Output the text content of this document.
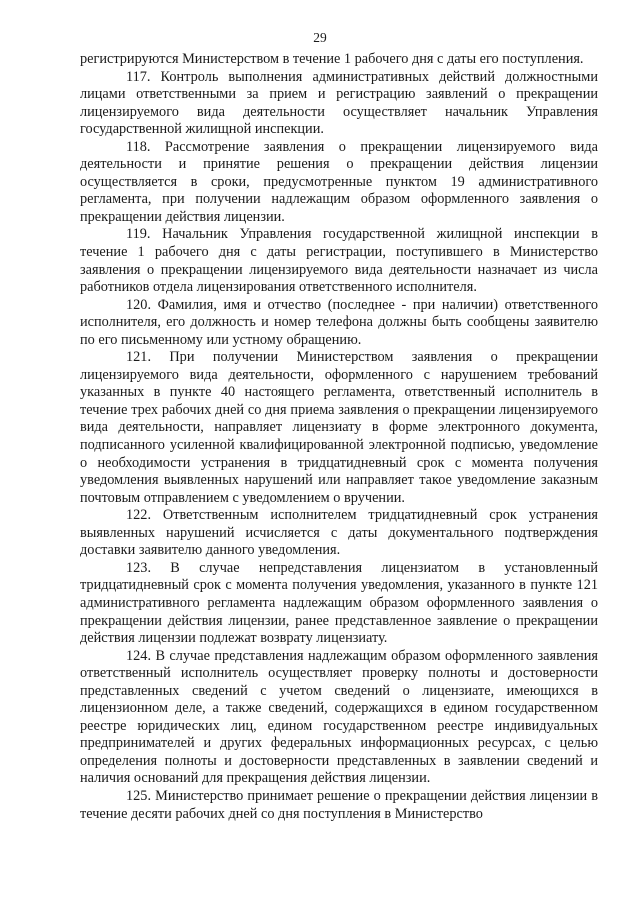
29

регистрируются Министерством в течение 1 рабочего дня с даты его поступления.

117. Контроль выполнения административных действий должностными лицами ответственными за прием и регистрацию заявлений о прекращении лицензируемого вида деятельности осуществляет начальник Управления государственной жилищной инспекции.

118. Рассмотрение заявления о прекращении лицензируемого вида деятельности и принятие решения о прекращении действия лицензии осуществляется в сроки, предусмотренные пунктом 19 административного регламента, при получении надлежащим образом оформленного заявления о прекращении действия лицензии.

119. Начальник Управления государственной жилищной инспекции в течение 1 рабочего дня с даты регистрации, поступившего в Министерство заявления о прекращении лицензируемого вида деятельности назначает из числа работников отдела лицензирования ответственного исполнителя.

120. Фамилия, имя и отчество (последнее - при наличии) ответственного исполнителя, его должность и номер телефона должны быть сообщены заявителю по его письменному или устному обращению.

121. При получении Министерством заявления о прекращении лицензируемого вида деятельности, оформленного с нарушением требований указанных в пункте 40 настоящего регламента, ответственный исполнитель в течение трех рабочих дней со дня приема заявления о прекращении лицензируемого вида деятельности, направляет лицензиату в форме электронного документа, подписанного усиленной квалифицированной электронной подписью, уведомление о необходимости устранения в тридцатидневный срок с момента получения уведомления выявленных нарушений или направляет такое уведомление заказным почтовым отправлением с уведомлением о вручении.

122. Ответственным исполнителем тридцатидневный срок устранения выявленных нарушений исчисляется с даты документального подтверждения доставки заявителю данного уведомления.

123. В случае непредставления лицензиатом в установленный тридцатидневный срок с момента получения уведомления, указанного в пункте 121 административного регламента надлежащим образом оформленного заявления о прекращении действия лицензии, ранее представленное заявление о прекращении действия лицензии подлежат возврату лицензиату.

124. В случае представления надлежащим образом оформленного заявления ответственный исполнитель осуществляет проверку полноты и достоверности представленных сведений с учетом сведений о лицензиате, имеющихся в лицензионном деле, а также сведений, содержащихся в едином государственном реестре юридических лиц, едином государственном реестре индивидуальных предпринимателей и других федеральных информационных ресурсах, с целью определения полноты и достоверности представленных в заявлении сведений и наличия оснований для прекращения действия лицензии.

125. Министерство принимает решение о прекращении действия лицензии в течение десяти рабочих дней со дня поступления в Министерство
